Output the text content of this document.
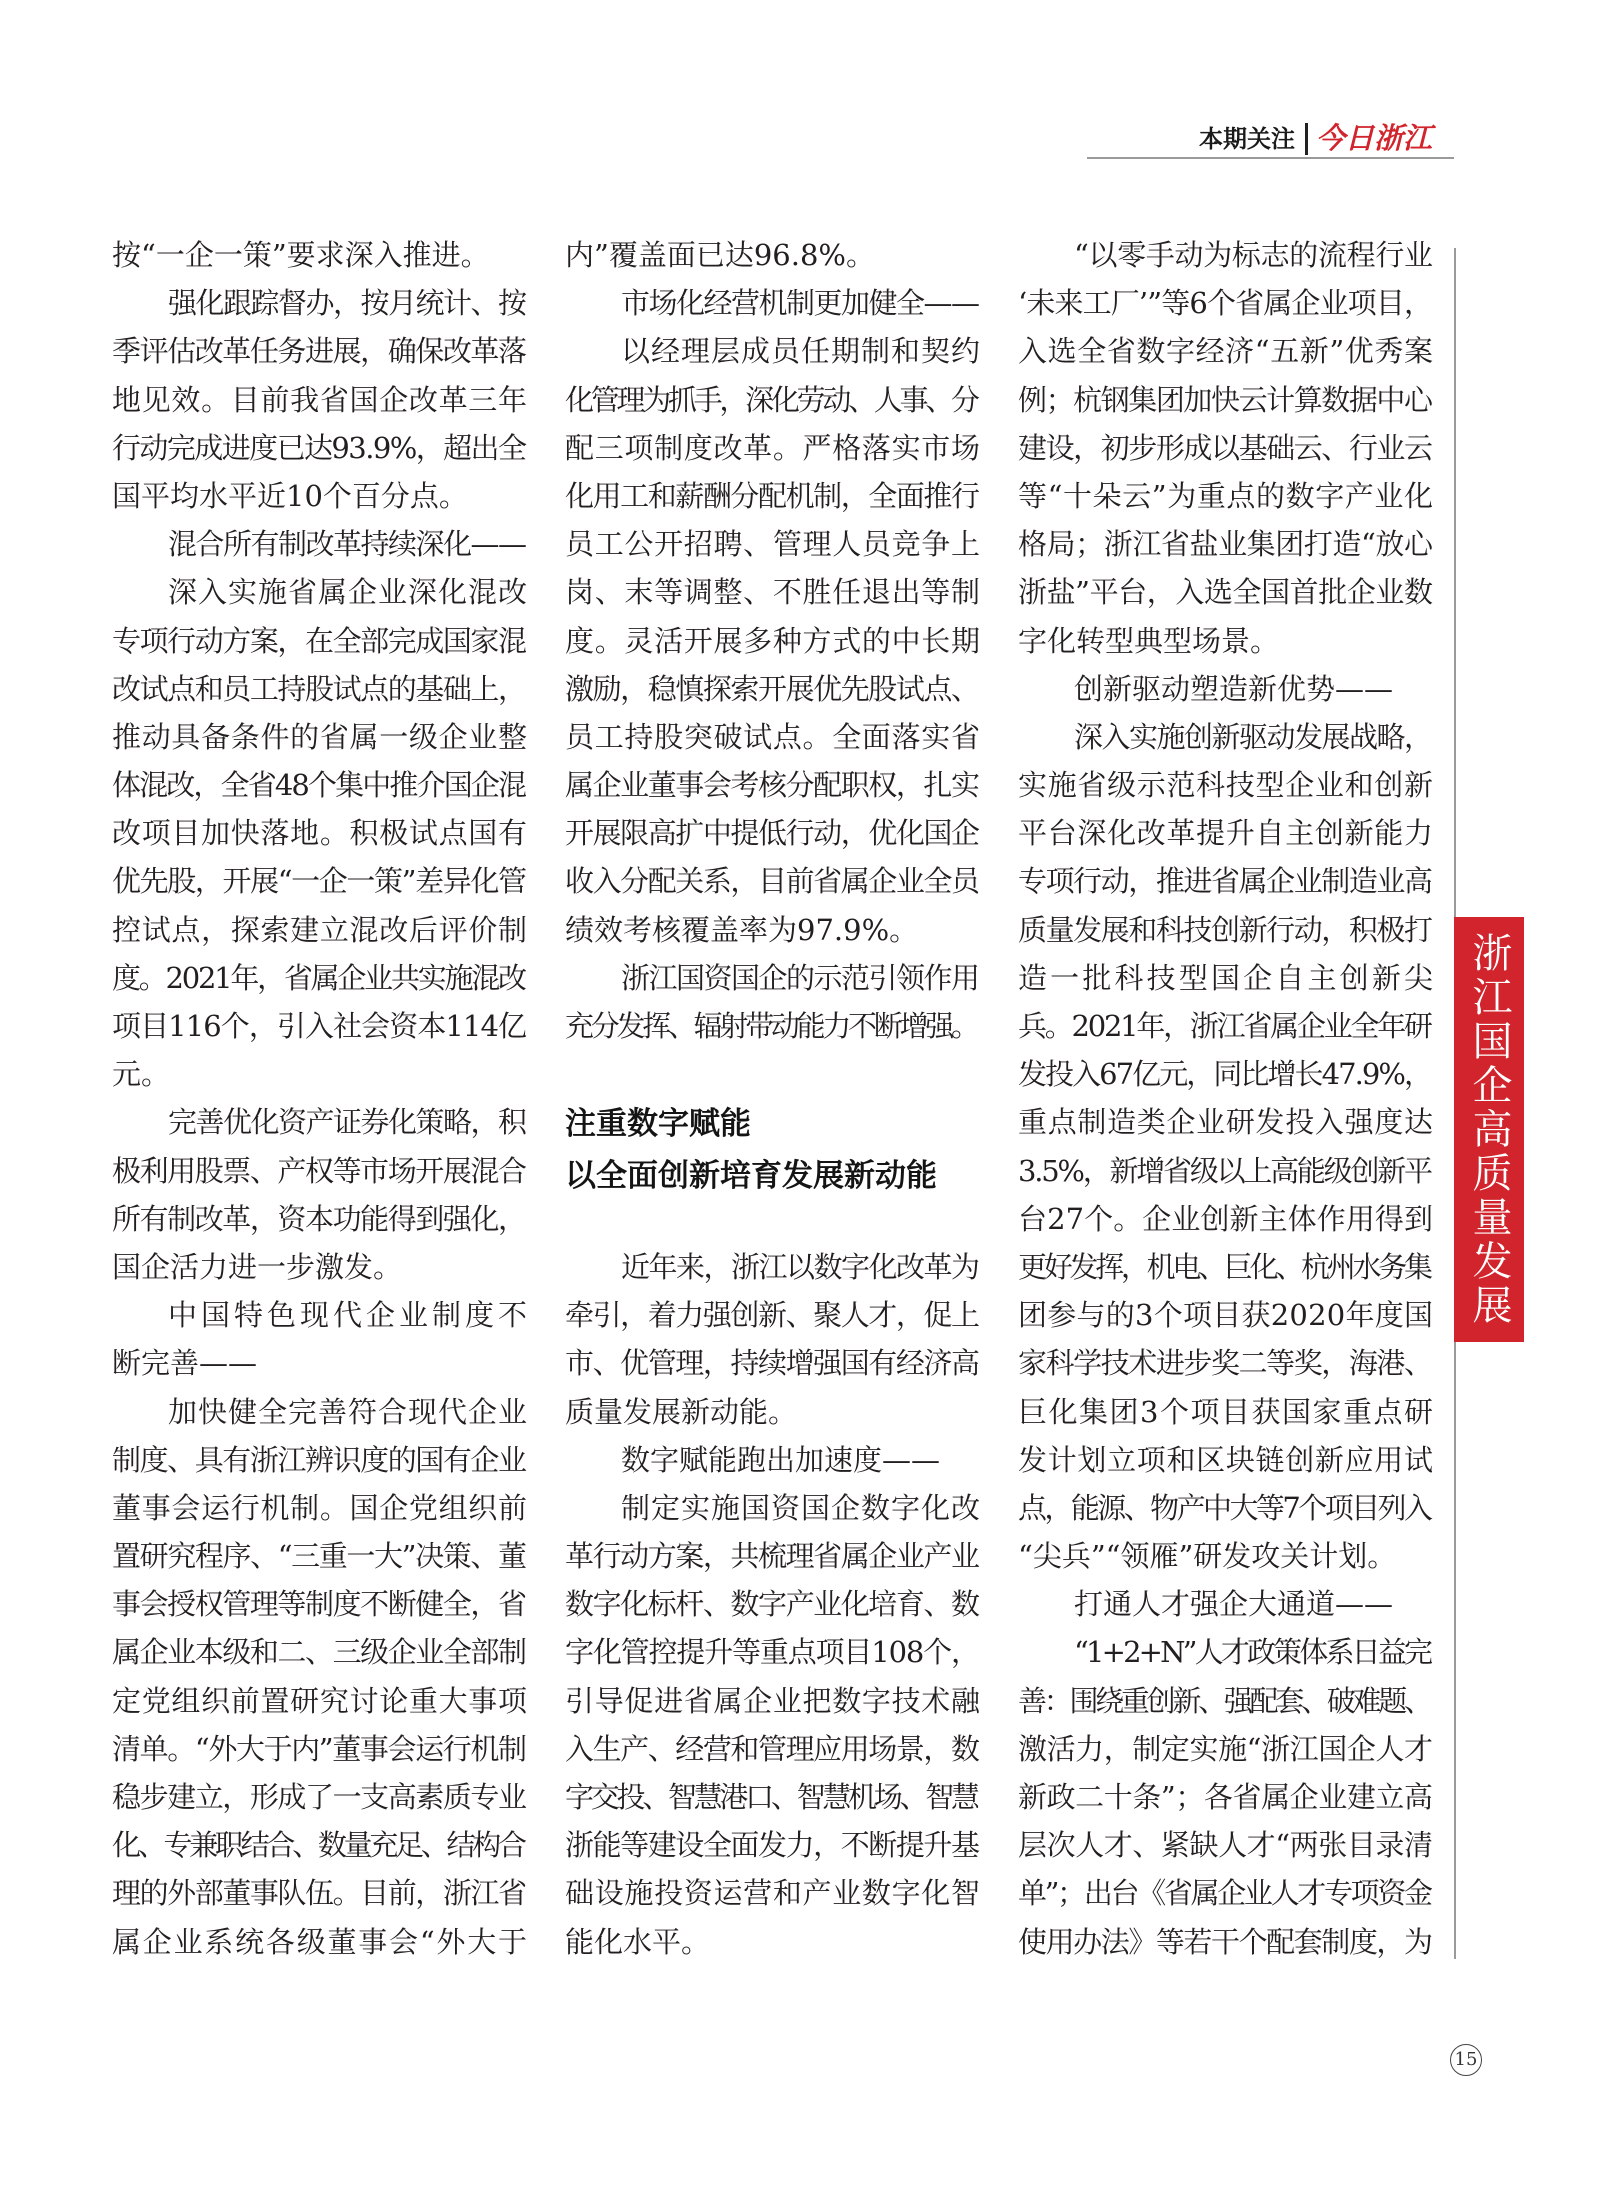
本期关注 今日浙江
浙江国企高质量发展
按“一企一策”要求深入推进。
强化跟踪督办，按月统计、按
季评估改革任务进展，确保改革落
地见效。目前我省国企改革三年
行动完成进度已达93.9%，超出全
国平均水平近10个百分点。
混合所有制改革持续深化——
深入实施省属企业深化混改
专项行动方案，在全部完成国家混
改试点和员工持股试点的基础上，
推动具备条件的省属一级企业整
体混改，全省48个集中推介国企混
改项目加快落地。积极试点国有
优先股，开展“一企一策”差异化管
控试点，探索建立混改后评价制
度。2021年，省属企业共实施混改
项目116个，引入社会资本114亿
元。
完善优化资产证券化策略，积
极利用股票、产权等市场开展混合
所有制改革，资本功能得到强化，
国企活力进一步激发。
中国特色现代企业制度不
断完善——
加快健全完善符合现代企业
制度、具有浙江辨识度的国有企业
董事会运行机制。国企党组织前
置研究程序、“三重一大”决策、董
事会授权管理等制度不断健全，省
属企业本级和二、三级企业全部制
定党组织前置研究讨论重大事项
清单。“外大于内”董事会运行机制
稳步建立，形成了一支高素质专业
化、专兼职结合、数量充足、结构合
理的外部董事队伍。目前，浙江省
属企业系统各级董事会“外大于
内”覆盖面已达96.8%。
市场化经营机制更加健全——
以经理层成员任期制和契约
化管理为抓手，深化劳动、人事、分
配三项制度改革。严格落实市场
化用工和薪酬分配机制，全面推行
员工公开招聘、管理人员竞争上
岗、末等调整、不胜任退出等制
度。灵活开展多种方式的中长期
激励，稳慎探索开展优先股试点、
员工持股突破试点。全面落实省
属企业董事会考核分配职权，扎实
开展限高扩中提低行动，优化国企
收入分配关系，目前省属企业全员
绩效考核覆盖率为97.9%。
浙江国资国企的示范引领作用
充分发挥、辐射带动能力不断增强。
注重数字赋能
以全面创新培育发展新动能
近年来，浙江以数字化改革为
牵引，着力强创新、聚人才，促上
市、优管理，持续增强国有经济高
质量发展新动能。
数字赋能跑出加速度——
制定实施国资国企数字化改
革行动方案，共梳理省属企业产业
数字化标杆、数字产业化培育、数
字化管控提升等重点项目108个，
引导促进省属企业把数字技术融
入生产、经营和管理应用场景，数
字交投、智慧港口、智慧机场、智慧
浙能等建设全面发力，不断提升基
础设施投资运营和产业数字化智
能化水平。
“以零手动为标志的流程行业
‘未来工厂’”等6个省属企业项目，
入选全省数字经济“五新”优秀案
例；杭钢集团加快云计算数据中心
建设，初步形成以基础云、行业云
等“十朵云”为重点的数字产业化
格局；浙江省盐业集团打造“放心
浙盐”平台，入选全国首批企业数
字化转型典型场景。
创新驱动塑造新优势——
深入实施创新驱动发展战略，
实施省级示范科技型企业和创新
平台深化改革提升自主创新能力
专项行动，推进省属企业制造业高
质量发展和科技创新行动，积极打
造一批科技型国企自主创新尖
兵。2021年，浙江省属企业全年研
发投入67亿元，同比增长47.9%，
重点制造类企业研发投入强度达
3.5%，新增省级以上高能级创新平
台27个。企业创新主体作用得到
更好发挥，机电、巨化、杭州水务集
团参与的3个项目获2020年度国
家科学技术进步奖二等奖，海港、
巨化集团3个项目获国家重点研
发计划立项和区块链创新应用试
点，能源、物产中大等7个项目列入
“尖兵”“领雁”研发攻关计划。
打通人才强企大通道——
“1+2+N”人才政策体系日益完
善：围绕重创新、强配套、破难题、
激活力，制定实施“浙江国企人才
新政二十条”；各省属企业建立高
层次人才、紧缺人才“两张目录清
单”；出台《省属企业人才专项资金
使用办法》等若干个配套制度，为
15
